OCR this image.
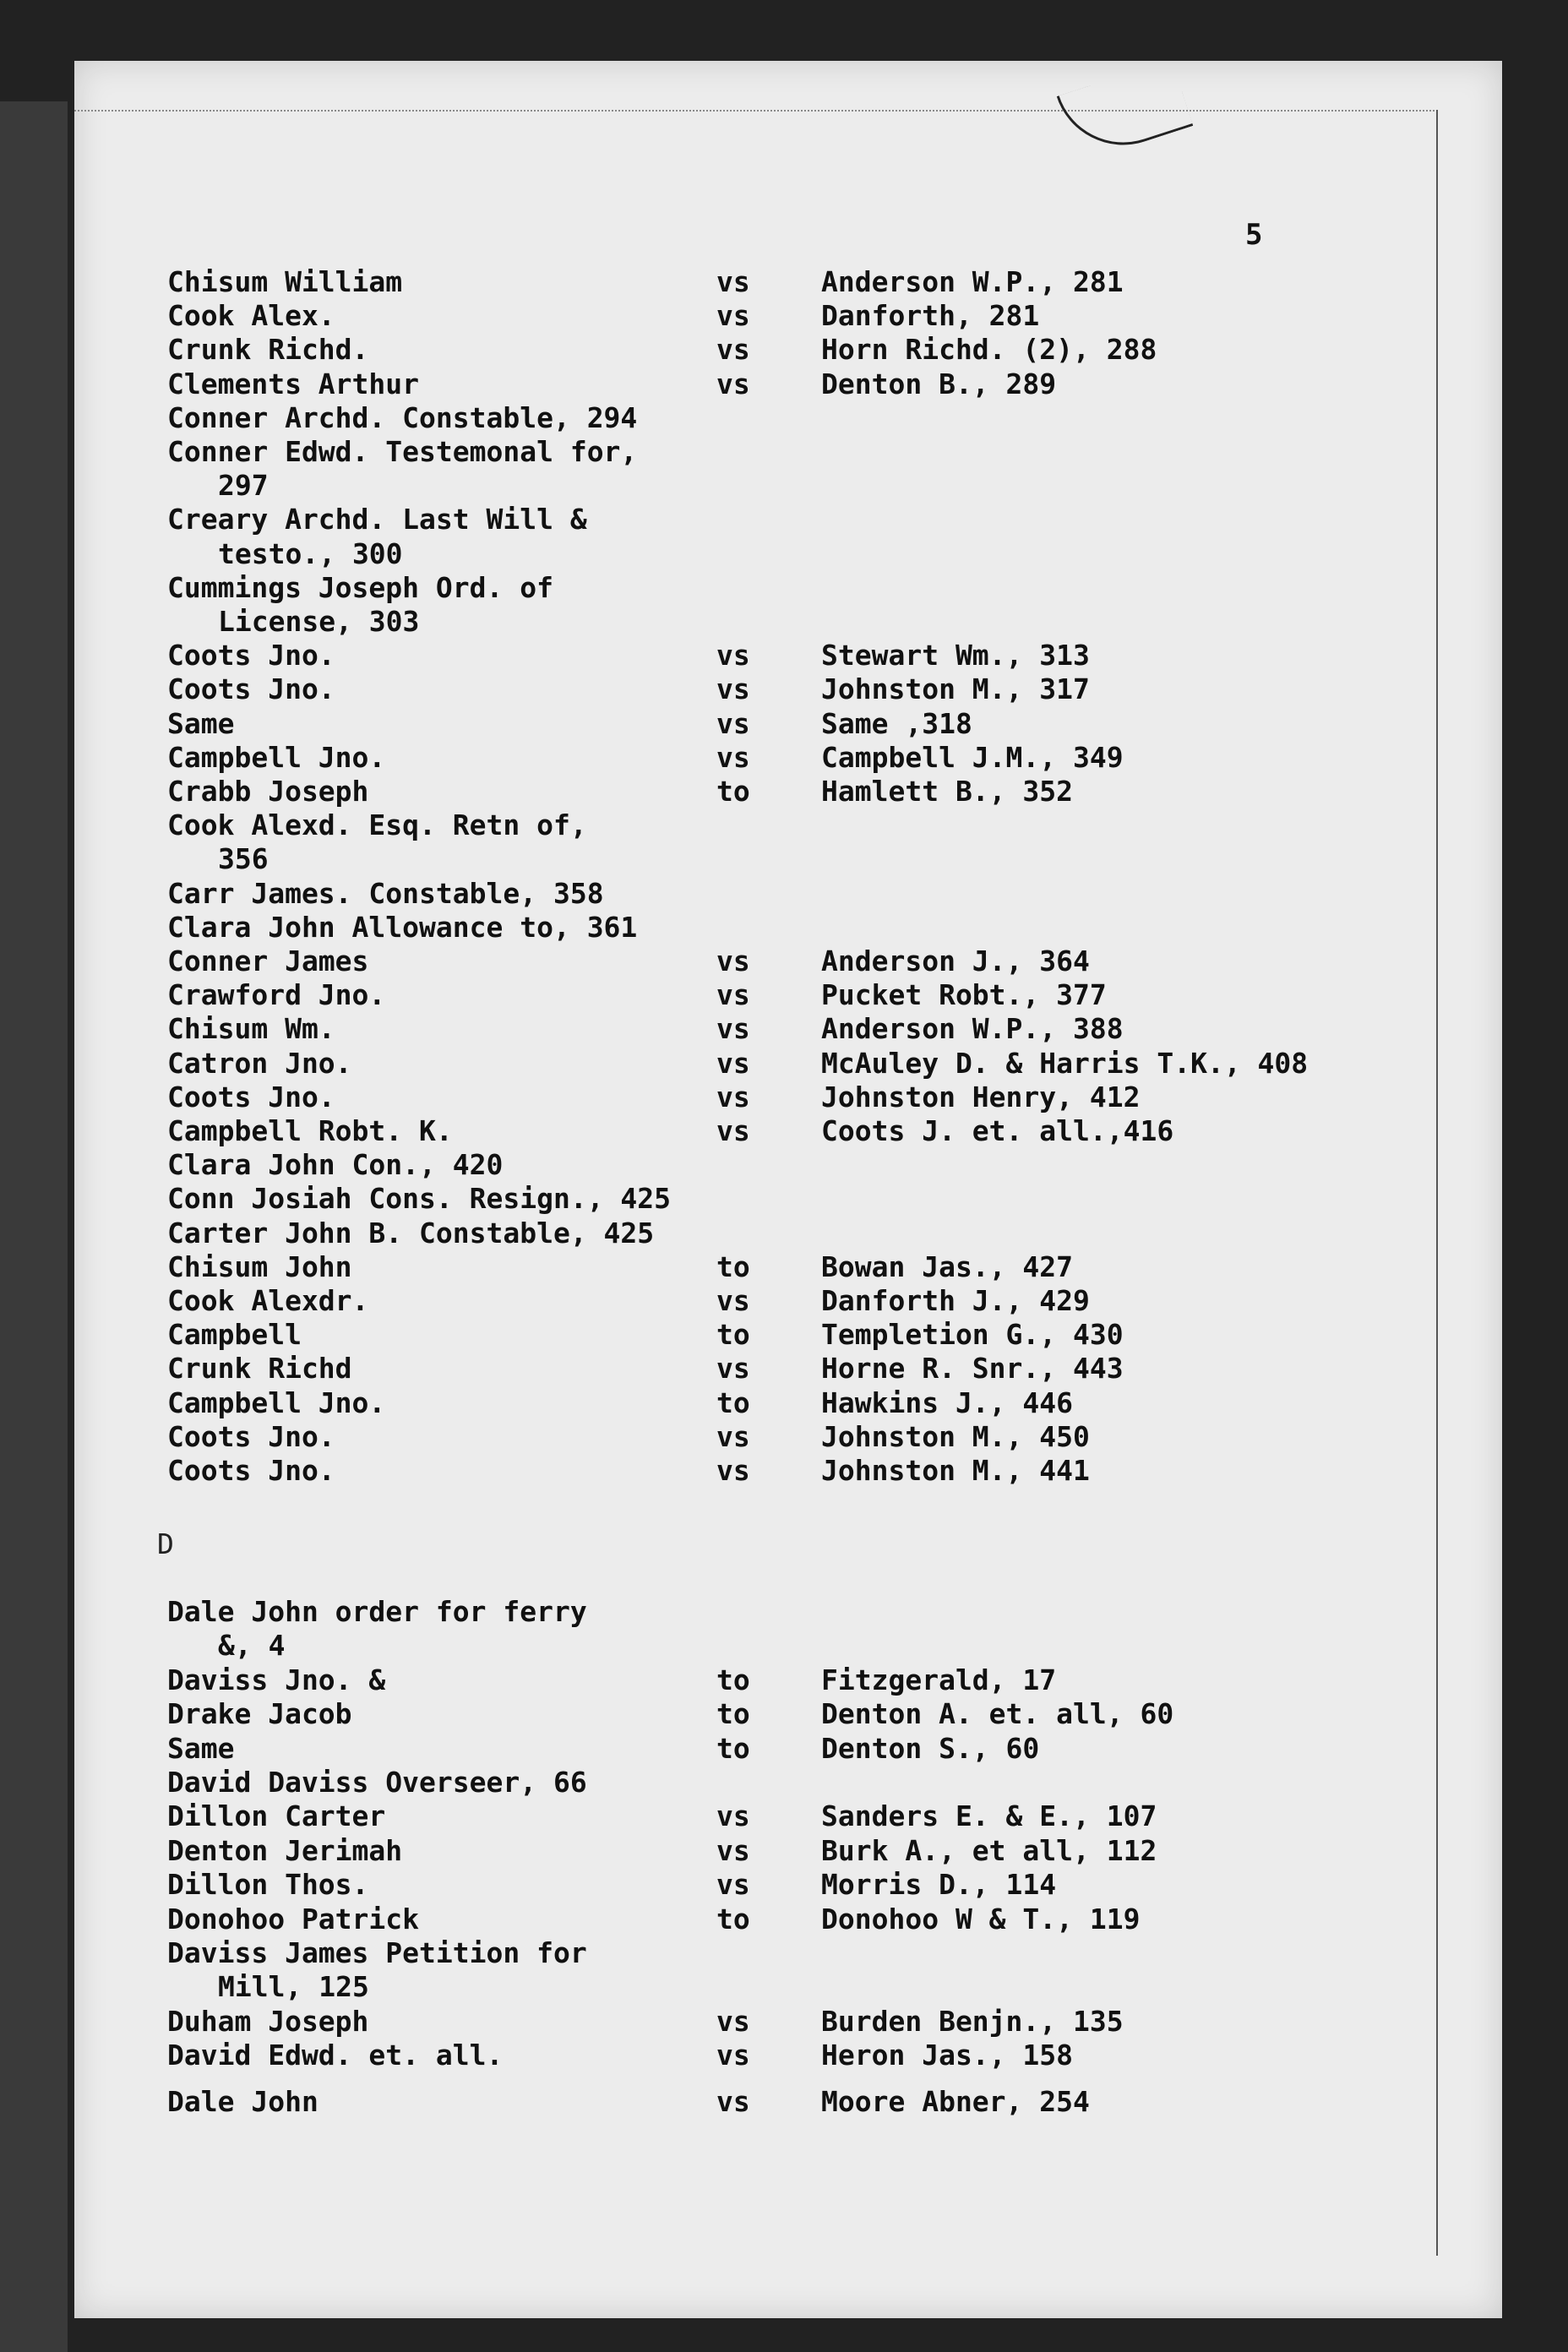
5
Chisum William	vs	Anderson W.P., 281
Cook Alex.	vs	Danforth, 281
Crunk Richd.	vs	Horn Richd. (2), 288
Clements Arthur	vs	Denton B., 289
Conner Archd. Constable, 294
Conner Edwd. Testemonal for,
297
Creary Archd. Last Will &
testo., 300
Cummings Joseph Ord. of
License, 303
Coots Jno.	vs	Stewart Wm., 313
Coots Jno.	vs	Johnston M., 317
Same	vs	Same ,318
Campbell Jno.	vs	Campbell J.M., 349
Crabb Joseph	to	Hamlett B., 352
Cook Alexd. Esq. Retn of,
356
Carr James. Constable, 358
Clara John Allowance to, 361
Conner James	vs	Anderson J., 364
Crawford Jno.	vs	Pucket Robt., 377
Chisum Wm.	vs	Anderson W.P., 388
Catron Jno.	vs	McAuley D. & Harris T.K., 408
Coots Jno.	vs	Johnston Henry, 412
Campbell Robt. K.	vs	Coots J. et. all.,416
Clara John Con., 420
Conn Josiah Cons. Resign., 425
Carter John B. Constable, 425
Chisum John	to	Bowan Jas., 427
Cook Alexdr.	vs	Danforth J., 429
Campbell	to	Templetion G., 430
Crunk Richd	vs	Horne R. Snr., 443
Campbell Jno.	to	Hawkins J., 446
Coots Jno.	vs	Johnston M., 450
Coots Jno.	vs	Johnston M., 441
D
Dale John order for ferry
&, 4
Daviss Jno. &	to	Fitzgerald, 17
Drake Jacob	to	Denton A. et. all, 60
Same	to	Denton S., 60
David Daviss Overseer, 66
Dillon Carter	vs	Sanders E. & E., 107
Denton Jerimah	vs	Burk A., et all, 112
Dillon Thos.	vs	Morris D., 114
Donohoo Patrick	to	Donohoo W & T., 119
Daviss James Petition for
Mill, 125
Duham Joseph	vs	Burden Benjn., 135
David Edwd. et. all.	vs	Heron Jas., 158
Dale John	vs	Moore Abner, 254
